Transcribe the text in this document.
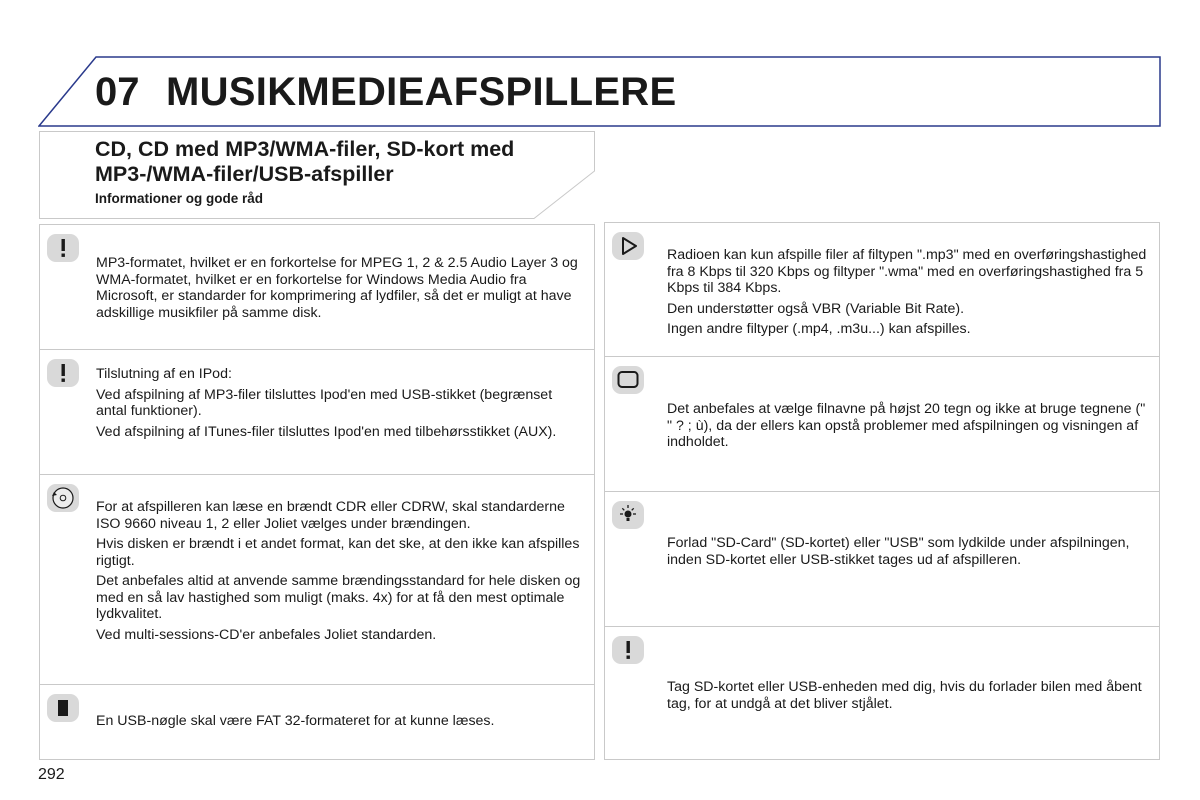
07 MUSIKMEDIEAFSPILLERE
CD, CD med MP3/WMA-filer, SD-kort med MP3-/WMA-filer/USB-afspiller
Informationer og gode råd

MP3-formatet, hvilket er en forkortelse for MPEG 1, 2 & 2.5 Audio Layer 3 og WMA-formatet, hvilket er en forkortelse for Windows Media Audio fra Microsoft, er standarder for komprimering af lydfiler, så det er muligt at have adskillige musikfiler på samme disk.

Tilslutning af en IPod:

Ved afspilning af MP3-filer tilsluttes Ipod'en med USB-stikket (begrænset antal funktioner).

Ved afspilning af ITunes-filer tilsluttes Ipod'en med tilbehørsstikket (AUX).

For at afspilleren kan læse en brændt CDR eller CDRW, skal standarderne ISO 9660 niveau 1, 2 eller Joliet vælges under brændingen.

Hvis disken er brændt i et andet format, kan det ske, at den ikke kan afspilles rigtigt.

Det anbefales altid at anvende samme brændingsstandard for hele disken og med en så lav hastighed som muligt (maks. 4x) for at få den mest optimale lydkvalitet.

Ved multi-sessions-CD'er anbefales Joliet standarden.

En USB-nøgle skal være FAT 32-formateret for at kunne læses.

Radioen kan kun afspille filer af filtypen ".mp3" med en overføringshastighed fra 8 Kbps til 320 Kbps og filtyper ".wma" med en overføringshastighed fra 5 Kbps til 384 Kbps.

Den understøtter også VBR (Variable Bit Rate).

Ingen andre filtyper (.mp4, .m3u...) kan afspilles.

Det anbefales at vælge filnavne på højst 20 tegn og ikke at bruge tegnene (" " ? ; ù), da der ellers kan opstå problemer med afspilningen og visningen af indholdet.

Forlad "SD-Card" (SD-kortet) eller "USB" som lydkilde under afspilningen, inden SD-kortet eller USB-stikket tages ud af afspilleren.

Tag SD-kortet eller USB-enheden med dig, hvis du forlader bilen med åbent tag, for at undgå at det bliver stjålet.

292
